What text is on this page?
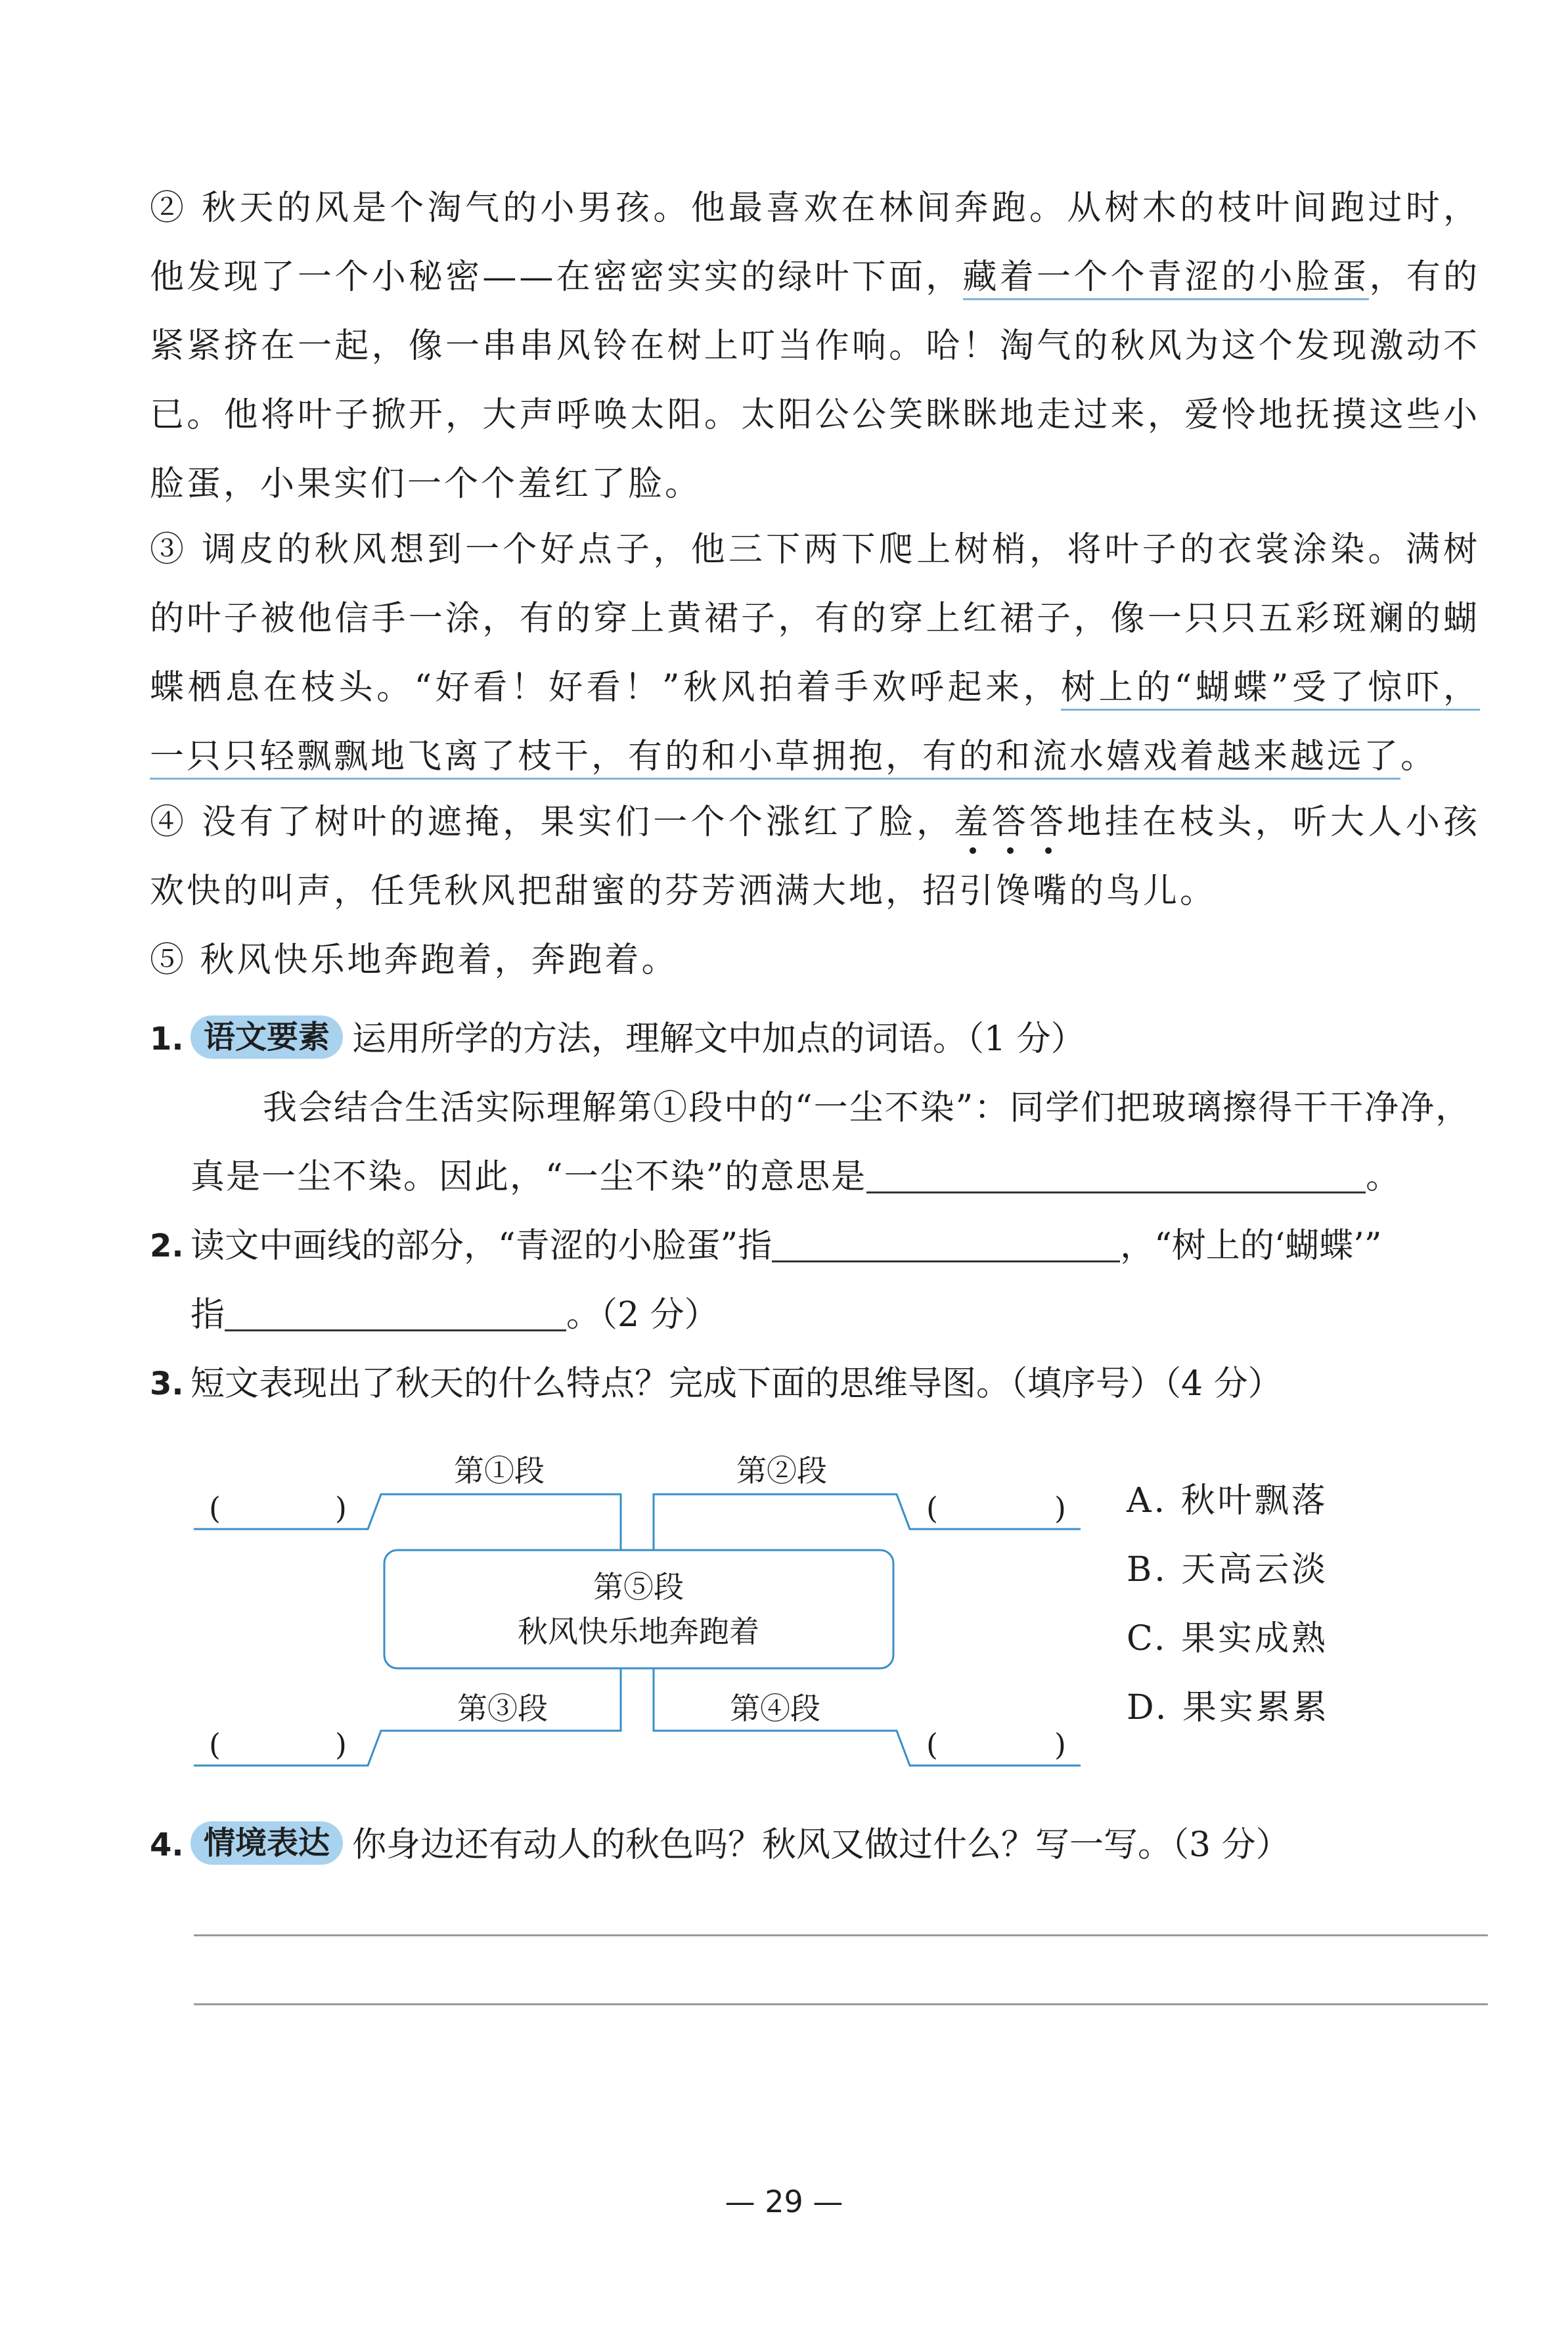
② 秋天的风是个淘气的小男孩。他最喜欢在林间奔跑。从树木的枝叶间跑过时，他发现了一个小秘密——在密密实实的绿叶下面，藏着一个个青涩的小脸蛋，有的紧紧挤在一起，像一串串风铃在树上叮当作响。哈！淘气的秋风为这个发现激动不已。他将叶子掀开，大声呼唤太阳。太阳公公笑眯眯地走过来，爱怜地抚摸这些小脸蛋，小果实们一个个羞红了脸。

③ 调皮的秋风想到一个好点子，他三下两下爬上树梢，将叶子的衣裳涂染。满树的叶子被他信手一涂，有的穿上黄裙子，有的穿上红裙子，像一只只五彩斑斓的蝴蝶栖息在枝头。“好看！好看！”秋风拍着手欢呼起来，树上的“蝴蝶”受了惊吓，一只只轻飘飘地飞离了枝干，有的和小草拥抱，有的和流水嬉戏着越来越远了。

④ 没有了树叶的遮掩，果实们一个个涨红了脸，羞答答地挂在枝头，听大人小孩欢快的叫声，任凭秋风把甜蜜的芬芳洒满大地，招引馋嘴的鸟儿。

⑤ 秋风快乐地奔跑着，奔跑着。

1. 语文要素 运用所学的方法，理解文中加点的词语。（1 分）
我会结合生活实际理解第①段中的“一尘不染”：同学们把玻璃擦得干干净净，真是一尘不染。因此，“一尘不染”的意思是	。
2. 读文中画线的部分，“青涩的小脸蛋”指	，“树上的‘蝴蝶’”
指	。（2 分）
3. 短文表现出了秋天的什么特点？完成下面的思维导图。（填序号）（4 分）
第⑤段
秋风快乐地奔跑着
第①段	第②段
第③段	第④段
(	)	(	)
(	)	(	)
A. 秋叶飘落
B. 天高云淡
C. 果实成熟
D. 果实累累
4. 情境表达 你身边还有动人的秋色吗？秋风又做过什么？写一写。（3 分）
— 29 —
